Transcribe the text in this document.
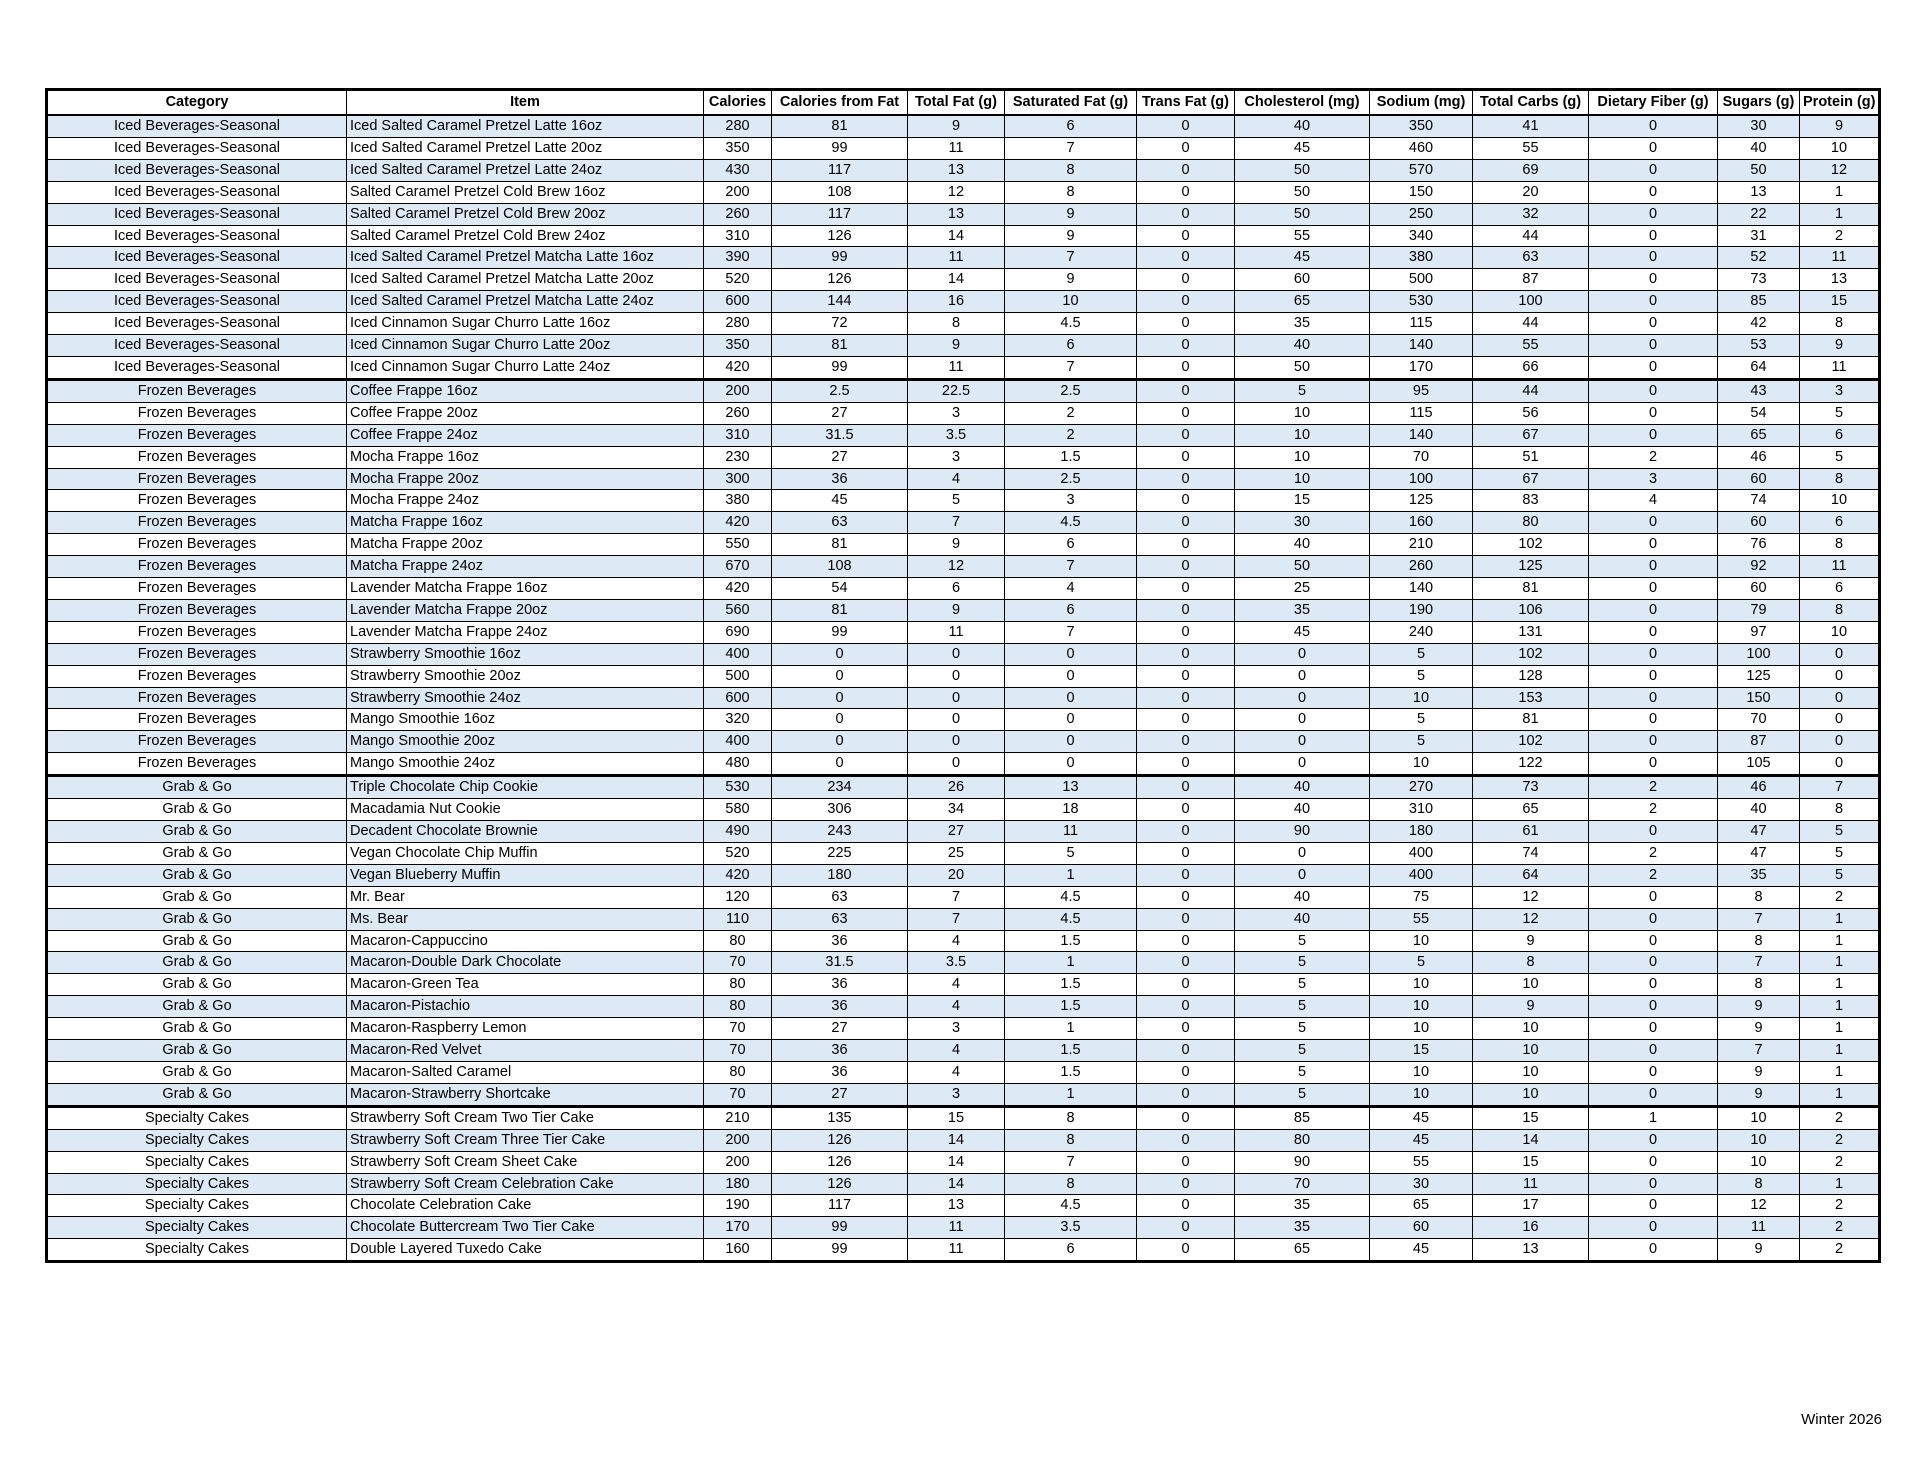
Category	Item	Calories	Calories from Fat	Total Fat (g)	Saturated Fat (g)	Trans Fat (g)	Cholesterol (mg)	Sodium (mg)	Total Carbs (g)	Dietary Fiber (g)	Sugars (g)	Protein (g)
Iced Beverages-Seasonal	Iced Salted Caramel Pretzel Latte 16oz	280	81	9	6	0	40	350	41	0	30	9
Iced Beverages-Seasonal	Iced Salted Caramel Pretzel Latte 20oz	350	99	11	7	0	45	460	55	0	40	10
Iced Beverages-Seasonal	Iced Salted Caramel Pretzel Latte 24oz	430	117	13	8	0	50	570	69	0	50	12
Iced Beverages-Seasonal	Salted Caramel Pretzel Cold Brew 16oz	200	108	12	8	0	50	150	20	0	13	1
Iced Beverages-Seasonal	Salted Caramel Pretzel Cold Brew 20oz	260	117	13	9	0	50	250	32	0	22	1
Iced Beverages-Seasonal	Salted Caramel Pretzel Cold Brew 24oz	310	126	14	9	0	55	340	44	0	31	2
Iced Beverages-Seasonal	Iced Salted Caramel Pretzel Matcha Latte 16oz	390	99	11	7	0	45	380	63	0	52	11
Iced Beverages-Seasonal	Iced Salted Caramel Pretzel Matcha Latte 20oz	520	126	14	9	0	60	500	87	0	73	13
Iced Beverages-Seasonal	Iced Salted Caramel Pretzel Matcha Latte 24oz	600	144	16	10	0	65	530	100	0	85	15
Iced Beverages-Seasonal	Iced Cinnamon Sugar Churro Latte 16oz	280	72	8	4.5	0	35	115	44	0	42	8
Iced Beverages-Seasonal	Iced Cinnamon Sugar Churro Latte 20oz	350	81	9	6	0	40	140	55	0	53	9
Iced Beverages-Seasonal	Iced Cinnamon Sugar Churro Latte 24oz	420	99	11	7	0	50	170	66	0	64	11
Frozen Beverages	Coffee Frappe 16oz	200	2.5	22.5	2.5	0	5	95	44	0	43	3
Frozen Beverages	Coffee Frappe 20oz	260	27	3	2	0	10	115	56	0	54	5
Frozen Beverages	Coffee Frappe 24oz	310	31.5	3.5	2	0	10	140	67	0	65	6
Frozen Beverages	Mocha Frappe 16oz	230	27	3	1.5	0	10	70	51	2	46	5
Frozen Beverages	Mocha Frappe 20oz	300	36	4	2.5	0	10	100	67	3	60	8
Frozen Beverages	Mocha Frappe 24oz	380	45	5	3	0	15	125	83	4	74	10
Frozen Beverages	Matcha Frappe 16oz	420	63	7	4.5	0	30	160	80	0	60	6
Frozen Beverages	Matcha Frappe 20oz	550	81	9	6	0	40	210	102	0	76	8
Frozen Beverages	Matcha Frappe 24oz	670	108	12	7	0	50	260	125	0	92	11
Frozen Beverages	Lavender Matcha Frappe 16oz	420	54	6	4	0	25	140	81	0	60	6
Frozen Beverages	Lavender Matcha Frappe 20oz	560	81	9	6	0	35	190	106	0	79	8
Frozen Beverages	Lavender Matcha Frappe 24oz	690	99	11	7	0	45	240	131	0	97	10
Frozen Beverages	Strawberry Smoothie 16oz	400	0	0	0	0	0	5	102	0	100	0
Frozen Beverages	Strawberry Smoothie 20oz	500	0	0	0	0	0	5	128	0	125	0
Frozen Beverages	Strawberry Smoothie 24oz	600	0	0	0	0	0	10	153	0	150	0
Frozen Beverages	Mango Smoothie 16oz	320	0	0	0	0	0	5	81	0	70	0
Frozen Beverages	Mango Smoothie 20oz	400	0	0	0	0	0	5	102	0	87	0
Frozen Beverages	Mango Smoothie 24oz	480	0	0	0	0	0	10	122	0	105	0
Grab & Go	Triple Chocolate Chip Cookie	530	234	26	13	0	40	270	73	2	46	7
Grab & Go	Macadamia Nut Cookie	580	306	34	18	0	40	310	65	2	40	8
Grab & Go	Decadent Chocolate Brownie	490	243	27	11	0	90	180	61	0	47	5
Grab & Go	Vegan Chocolate Chip Muffin	520	225	25	5	0	0	400	74	2	47	5
Grab & Go	Vegan Blueberry Muffin	420	180	20	1	0	0	400	64	2	35	5
Grab & Go	Mr. Bear	120	63	7	4.5	0	40	75	12	0	8	2
Grab & Go	Ms. Bear	110	63	7	4.5	0	40	55	12	0	7	1
Grab & Go	Macaron-Cappuccino	80	36	4	1.5	0	5	10	9	0	8	1
Grab & Go	Macaron-Double Dark Chocolate	70	31.5	3.5	1	0	5	5	8	0	7	1
Grab & Go	Macaron-Green Tea	80	36	4	1.5	0	5	10	10	0	8	1
Grab & Go	Macaron-Pistachio	80	36	4	1.5	0	5	10	9	0	9	1
Grab & Go	Macaron-Raspberry Lemon	70	27	3	1	0	5	10	10	0	9	1
Grab & Go	Macaron-Red Velvet	70	36	4	1.5	0	5	15	10	0	7	1
Grab & Go	Macaron-Salted Caramel	80	36	4	1.5	0	5	10	10	0	9	1
Grab & Go	Macaron-Strawberry Shortcake	70	27	3	1	0	5	10	10	0	9	1
Specialty Cakes	Strawberry Soft Cream Two Tier Cake	210	135	15	8	0	85	45	15	1	10	2
Specialty Cakes	Strawberry Soft Cream Three Tier Cake	200	126	14	8	0	80	45	14	0	10	2
Specialty Cakes	Strawberry Soft Cream Sheet Cake	200	126	14	7	0	90	55	15	0	10	2
Specialty Cakes	Strawberry Soft Cream Celebration Cake	180	126	14	8	0	70	30	11	0	8	1
Specialty Cakes	Chocolate Celebration Cake	190	117	13	4.5	0	35	65	17	0	12	2
Specialty Cakes	Chocolate Buttercream Two Tier Cake	170	99	11	3.5	0	35	60	16	0	11	2
Specialty Cakes	Double Layered Tuxedo Cake	160	99	11	6	0	65	45	13	0	9	2
Winter 2026
